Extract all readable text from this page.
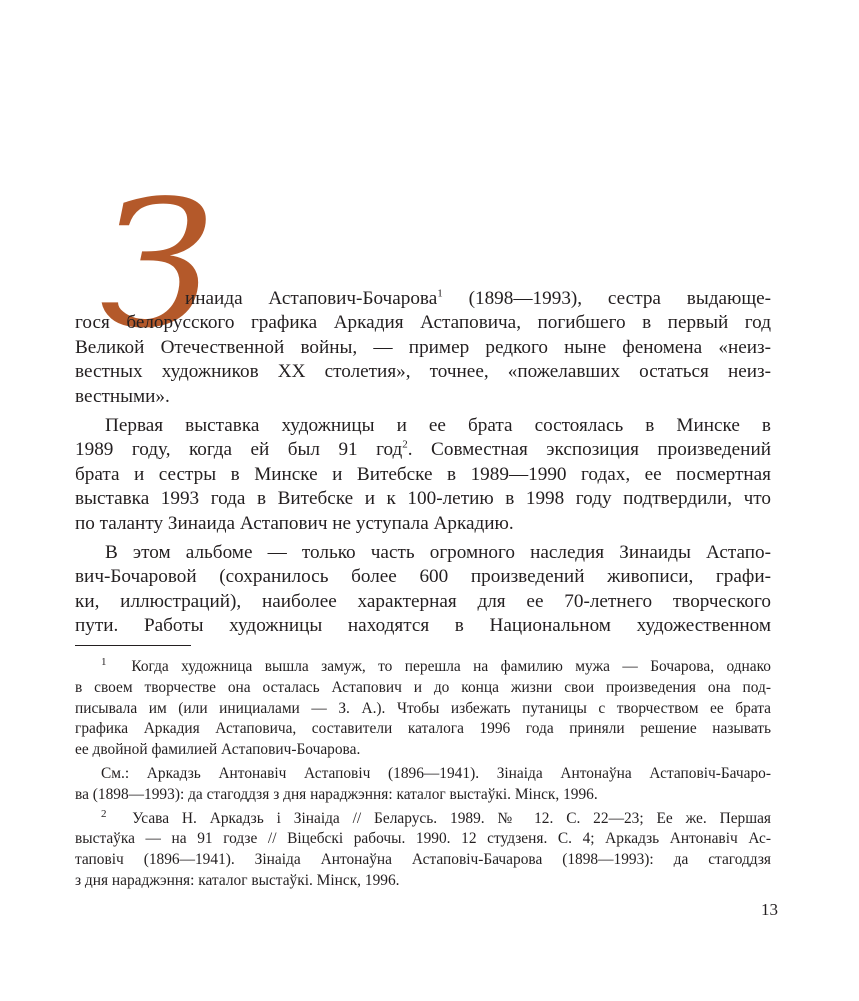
З
инаида Астапович-Бочарова$^1$ (1898—1993), сестра выдающе-
гося белорусского графика Аркадия Астаповича, погибшего в первый год
Великой Отечественной войны, — пример редкого ныне феномена «неиз-
вестных художников XX столетия», точнее, «пожелавших остаться неиз-
вестными».
Первая выставка художницы и ее брата состоялась в Минске в
1989 году, когда ей был 91 год$^2$. Совместная экспозиция произведений
брата и сестры в Минске и Витебске в 1989—1990 годах, ее посмертная
выставка 1993 года в Витебске и к 100-летию в 1998 году подтвердили, что
по таланту Зинаида Астапович не уступала Аркадию.
В этом альбоме — только часть огромного наследия Зинаиды Астапо-
вич-Бочаровой (сохранилось более 600 произведений живописи, графи-
ки, иллюстраций), наиболее характерная для ее 70-летнего творческого
пути. Работы художницы находятся в Национальном художественном
$^1$ Когда художница вышла замуж, то перешла на фамилию мужа — Бочарова, однако
в своем творчестве она осталась Астапович и до конца жизни свои произведения она под-
писывала им (или инициалами — З. А.). Чтобы избежать путаницы с творчеством ее брата
графика Аркадия Астаповича, составители каталога 1996 года приняли решение называть
ее двойной фамилией Астапович-Бочарова.
См.: Аркадзь Антонавіч Астаповіч (1896—1941). Зінаіда Антонаўна Астаповіч-Бачаро-
ва (1898—1993): да стагоддзя з дня нараджэння: каталог выстаўкі. Мінск, 1996.
$^2$ Усава Н. Аркадзь і Зінаіда // Беларусь. 1989. № 12. С. 22—23; Ее же. Першая
выстаўка — на 91 годзе // Віцебскі рабочы. 1990. 12 студзеня. С. 4; Аркадзь Антонавіч Ас-
таповіч (1896—1941). Зінаіда Антонаўна Астаповіч-Бачарова (1898—1993): да стагоддзя
з дня нараджэння: каталог выстаўкі. Мінск, 1996.
13
